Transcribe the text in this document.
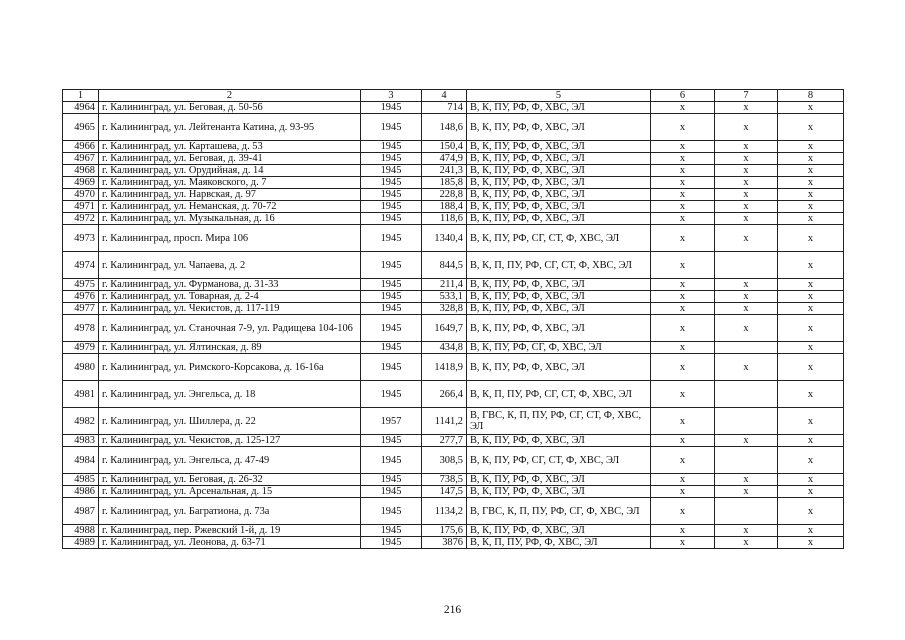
1	2	3	4	5	6	7	8
4964	г. Калининград, ул. Беговая, д. 50-56	1945	714	В, К, ПУ, РФ, Ф, ХВС, ЭЛ	х	х	х
4965	г. Калининград, ул. Лейтенанта Катина, д. 93-95	1945	148,6	В, К, ПУ, РФ, Ф, ХВС, ЭЛ	х	х	х
4966	г. Калининград, ул. Карташева, д. 53	1945	150,4	В, К, ПУ, РФ, Ф, ХВС, ЭЛ	х	х	х
4967	г. Калининград, ул. Беговая, д. 39-41	1945	474,9	В, К, ПУ, РФ, Ф, ХВС, ЭЛ	х	х	х
4968	г. Калининград, ул. Орудийная, д. 14	1945	241,3	В, К, ПУ, РФ, Ф, ХВС, ЭЛ	х	х	х
4969	г. Калининград, ул. Маяковского, д. 7	1945	185,8	В, К, ПУ, РФ, Ф, ХВС, ЭЛ	х	х	х
4970	г. Калининград, ул. Нарвская, д. 97	1945	228,8	В, К, ПУ, РФ, Ф, ХВС, ЭЛ	х	х	х
4971	г. Калининград, ул. Неманская, д. 70-72	1945	188,4	В, К, ПУ, РФ, Ф, ХВС, ЭЛ	х	х	х
4972	г. Калининград, ул. Музыкальная, д. 16	1945	118,6	В, К, ПУ, РФ, Ф, ХВС, ЭЛ	х	х	х
4973	г. Калининград, просп. Мира 106	1945	1340,4	В, К, ПУ, РФ, СГ, СТ, Ф, ХВС, ЭЛ	х	х	х
4974	г. Калининград, ул. Чапаева, д. 2	1945	844,5	В, К, П, ПУ, РФ, СГ, СТ, Ф, ХВС, ЭЛ	х		х
4975	г. Калининград, ул. Фурманова, д. 31-33	1945	211,4	В, К, ПУ, РФ, Ф, ХВС, ЭЛ	х	х	х
4976	г. Калининград, ул. Товарная, д. 2-4	1945	533,1	В, К, ПУ, РФ, Ф, ХВС, ЭЛ	х	х	х
4977	г. Калининград, ул. Чекистов, д. 117-119	1945	328,8	В, К, ПУ, РФ, Ф, ХВС, ЭЛ	х	х	х
4978	г. Калининград, ул. Станочная 7-9, ул. Радищева 104-106	1945	1649,7	В, К, ПУ, РФ, Ф, ХВС, ЭЛ	х	х	х
4979	г. Калининград, ул. Ялтинская, д. 89	1945	434,8	В, К, ПУ, РФ, СГ, Ф, ХВС, ЭЛ	х		х
4980	г. Калининград, ул. Римского-Корсакова, д. 16-16а	1945	1418,9	В, К, ПУ, РФ, Ф, ХВС, ЭЛ	х	х	х
4981	г. Калининград, ул. Энгельса, д. 18	1945	266,4	В, К, П, ПУ, РФ, СГ, СТ, Ф, ХВС, ЭЛ	х		х
4982	г. Калининград, ул. Шиллера, д. 22	1957	1141,2	В, ГВС, К, П, ПУ, РФ, СГ, СТ, Ф, ХВС, ЭЛ	х		х
4983	г. Калининград, ул. Чекистов, д. 125-127	1945	277,7	В, К, ПУ, РФ, Ф, ХВС, ЭЛ	х	х	х
4984	г. Калининград, ул. Энгельса, д. 47-49	1945	308,5	В, К, ПУ, РФ, СГ, СТ, Ф, ХВС, ЭЛ	х		х
4985	г. Калининград, ул. Беговая, д. 26-32	1945	738,5	В, К, ПУ, РФ, Ф, ХВС, ЭЛ	х	х	х
4986	г. Калининград, ул. Арсенальная, д. 15	1945	147,5	В, К, ПУ, РФ, Ф, ХВС, ЭЛ	х	х	х
4987	г. Калининград, ул. Багратиона, д. 73а	1945	1134,2	В, ГВС, К, П, ПУ, РФ, СГ, Ф, ХВС, ЭЛ	х		х
4988	г. Калининград, пер. Ржевский 1-й, д. 19	1945	175,6	В, К, ПУ, РФ, Ф, ХВС, ЭЛ	х	х	х
4989	г. Калининград, ул. Леонова, д. 63-71	1945	3876	В, К, П, ПУ, РФ, Ф, ХВС, ЭЛ	х	х	х
216
